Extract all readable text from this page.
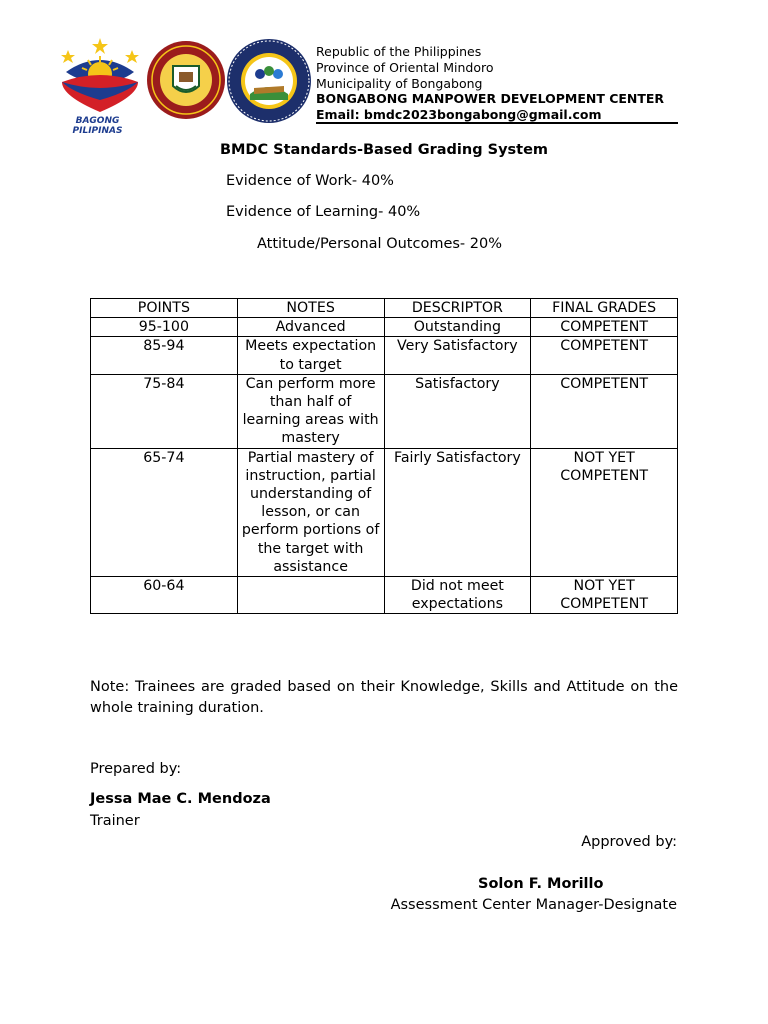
BAGONG PILIPINAS
Republic of the Philippines
Province of Oriental Mindoro
Municipality of Bongabong
BONGABONG MANPOWER DEVELOPMENT CENTER
Email: bmdc2023bongabong@gmail.com
BMDC Standards-Based Grading System
Evidence of Work- 40%
Evidence of Learning- 40%
Attitude/Personal Outcomes- 20%
POINTS	NOTES	DESCRIPTOR	FINAL GRADES
95-100	Advanced	Outstanding	COMPETENT
85-94	Meets expectation to target	Very Satisfactory	COMPETENT
75-84	Can perform more than half of learning areas with mastery	Satisfactory	COMPETENT
65-74	Partial mastery of instruction, partial understanding of lesson, or can perform portions of the target with assistance	Fairly Satisfactory	NOT YET COMPETENT
60-64		Did not meet expectations	NOT YET COMPETENT
Note: Trainees are graded based on their Knowledge, Skills and Attitude on the whole training duration.
Prepared by:
Jessa Mae C. Mendoza
Trainer
Approved by:
Solon F. Morillo
Assessment Center Manager-Designate
